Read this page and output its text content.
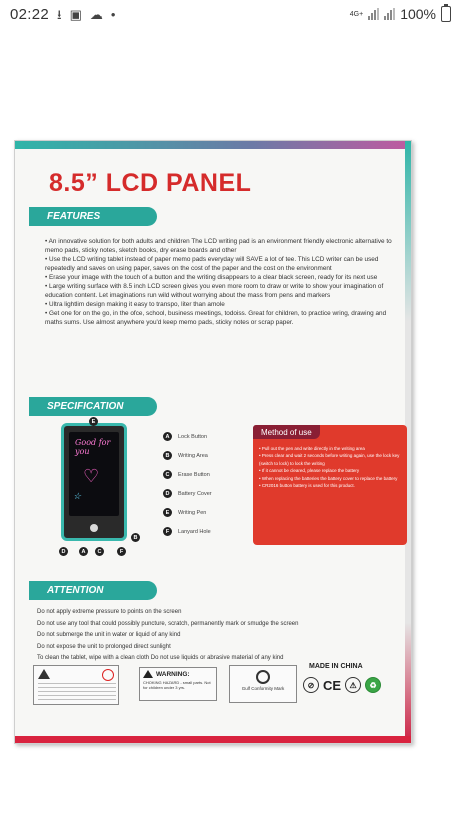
02:22 ⭳ ▣ ☁ •	4G+	100%
8.5” LCD PANEL
FEATURES

• An innovative solution for both adults and children The LCD writing pad is an environment friendly electronic alternative to memo pads, sticky notes, sketch books, dry erase boards and other

• Use the LCD writing tablet instead of paper memo pads everyday will SAVE a lot of tee. This LCD writer can be used repeatedly and saves on using paper, saves on the cost of the paper and the cost on the environment

• Erase your image with the touch of a button and the writing disappears to a clear black screen, ready for its next use

• Large writing surface with 8.5 inch LCD screen gives you even more room to draw or write to show your imagination of education content. Let imaginations run wild without worrying about the mass from pens and markers

• Ultra lightlim design making it easy to transpo, liter than amole

• Get one for on the go, in the ofce, school, business meetings, todoiss. Great for children, to practice wring, drawing and maths sums. Use almost anywhere you'd keep memo pads, sticky notes or scrap paper.

SPECIFICATION
Good for you
♡
☆
E
B
D	A	C	F
A	Lock Button
B	Writing Area
C	Erase Button
D	Battery Cover
E	Writing Pen
F	Lanyard Hole
Method of use
• Pull out the pen and write directly in the writing area
• Press clear and wait 2 seconds before writing again, use the lock key (switch to lock) to lock the writing
• If it cannot be cleared, please replace the battery
• When replacing the batteries the battery cover to replace the battery
• CR2016 button battery is used for this product.
ATTENTION
Do not apply extreme pressure to points on the screen
Do not use any tool that could possibly puncture, scratch, permanently mark or smudge the screen
Do not submerge the unit in water or liquid of any kind
Do not expose the unit to prolonged direct sunlight
To clean the tablet, wipe with a clean cloth Do not use liquids or abrasive material of any kind
WARNING:
CHOKING HAZARD - small parts. Not for children under 3 yrs.	Gulf Conformity Mark
MADE IN CHINA
⊘ CE	⚠	♻
